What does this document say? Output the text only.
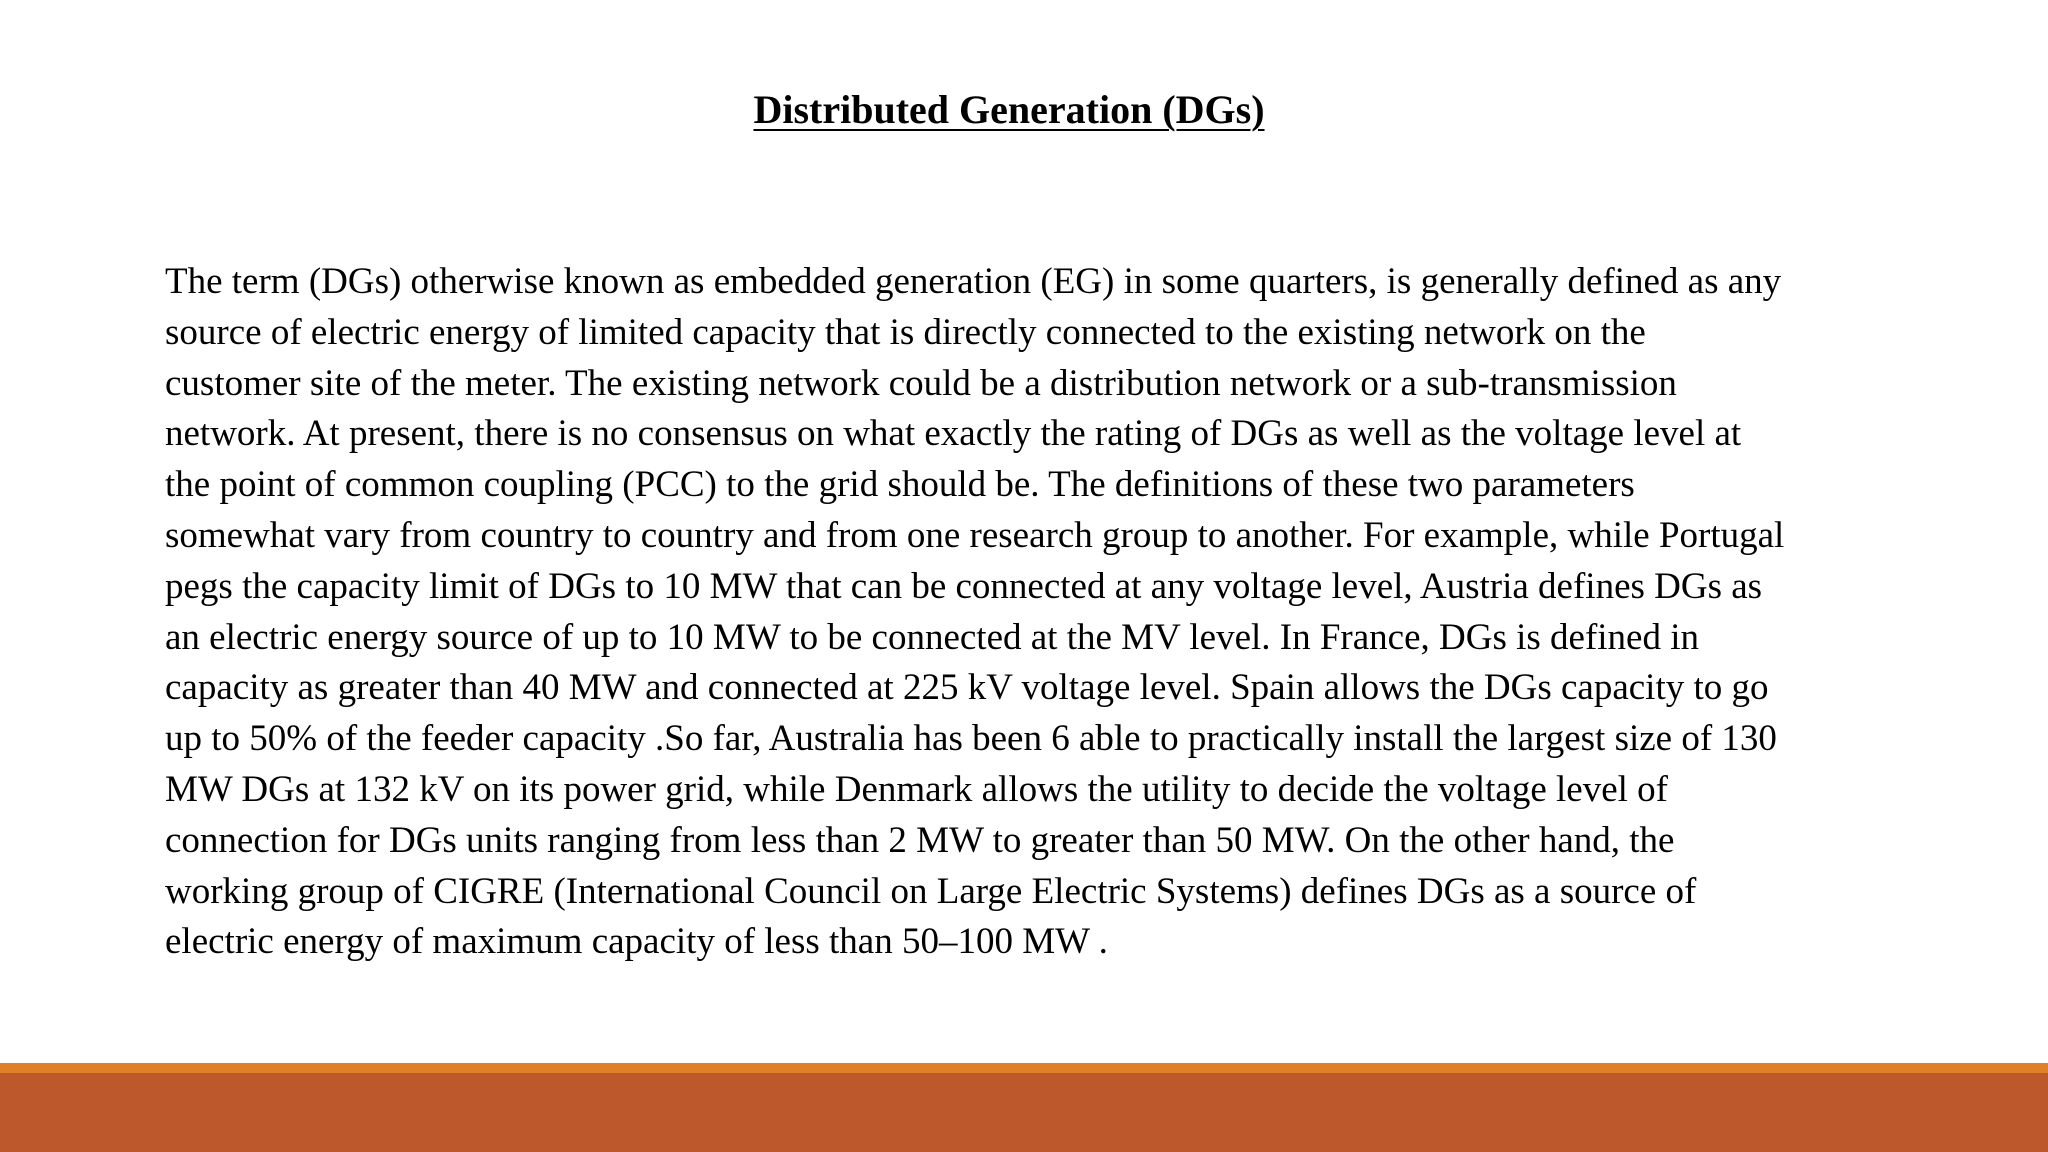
Distributed Generation (DGs)

The term (DGs) otherwise known as embedded generation (EG) in some quarters, is generally defined as any
source of electric energy of limited capacity that is directly connected to the existing network on the
customer site of the meter. The existing network could be a distribution network or a sub-transmission
network. At present, there is no consensus on what exactly the rating of DGs as well as the voltage level at
the point of common coupling (PCC) to the grid should be. The definitions of these two parameters
somewhat vary from country to country and from one research group to another. For example, while Portugal
pegs the capacity limit of DGs to 10 MW that can be connected at any voltage level, Austria defines DGs as
an electric energy source of up to 10 MW to be connected at the MV level. In France, DGs is defined in
capacity as greater than 40 MW and connected at 225 kV voltage level. Spain allows the DGs capacity to go
up to 50% of the feeder capacity .So far, Australia has been 6 able to practically install the largest size of 130
MW DGs at 132 kV on its power grid, while Denmark allows the utility to decide the voltage level of
connection for DGs units ranging from less than 2 MW to greater than 50 MW. On the other hand, the
working group of CIGRE (International Council on Large Electric Systems) defines DGs as a source of
electric energy of maximum capacity of less than 50–100 MW .
